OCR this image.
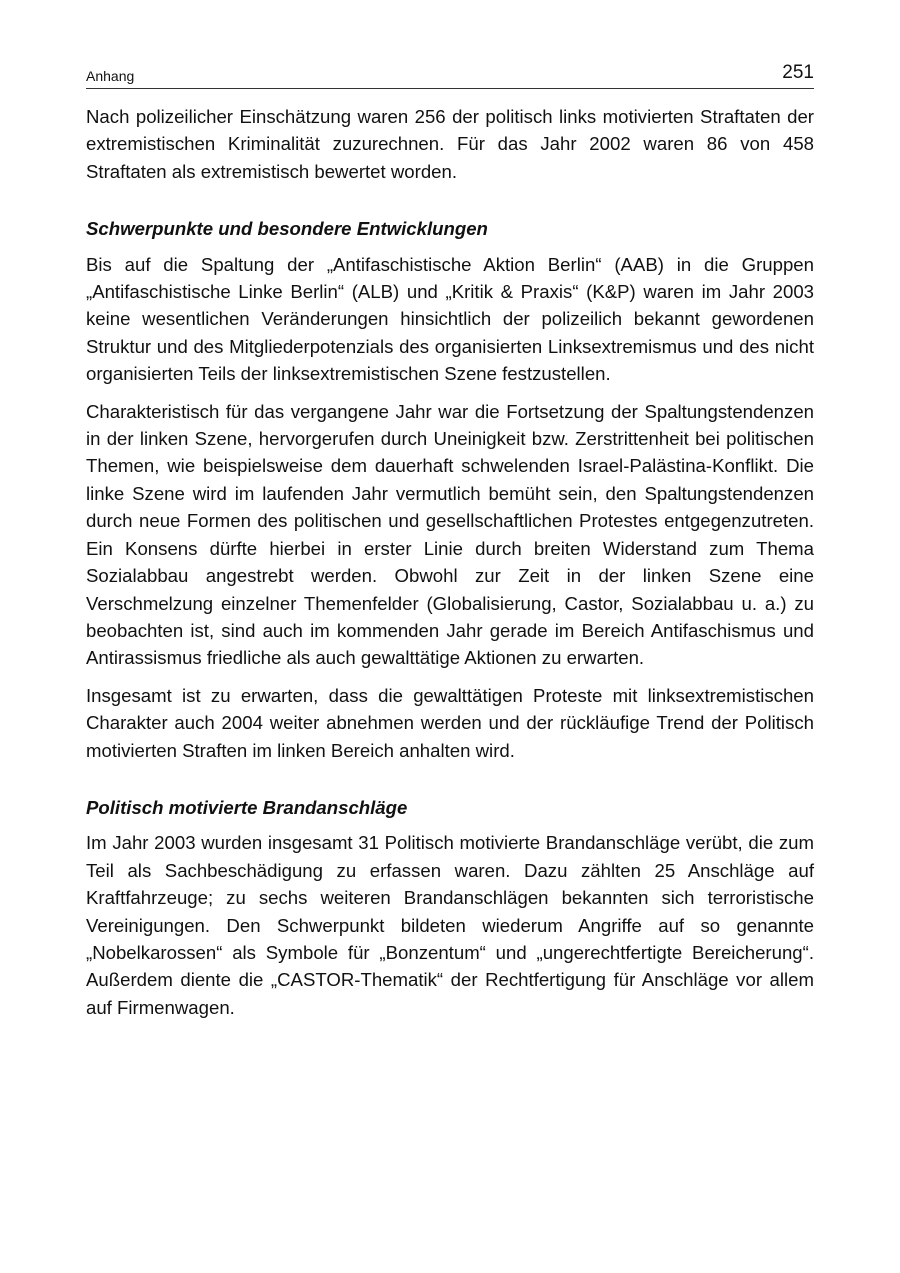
Anhang	251

Nach polizeilicher Einschätzung waren 256 der politisch links motivierten Straftaten der extremistischen Kriminalität zuzurechnen. Für das Jahr 2002 waren 86 von 458 Straftaten als extremistisch bewertet worden.

Schwerpunkte und besondere Entwicklungen

Bis auf die Spaltung der „Antifaschistische Aktion Berlin“ (AAB) in die Gruppen „Antifaschistische Linke Berlin“ (ALB) und „Kritik & Praxis“ (K&P) waren im Jahr 2003 keine wesentlichen Veränderungen hinsichtlich der polizeilich bekannt gewordenen Struktur und des Mitgliederpotenzials des organisierten Linksextremismus und des nicht organisierten Teils der linksextremistischen Szene festzustellen.

Charakteristisch für das vergangene Jahr war die Fortsetzung der Spaltungstendenzen in der linken Szene, hervorgerufen durch Uneinigkeit bzw. Zerstrittenheit bei politischen Themen, wie beispielsweise dem dauerhaft schwelenden Israel-Palästina-Konflikt. Die linke Szene wird im laufenden Jahr vermutlich bemüht sein, den Spaltungstendenzen durch neue Formen des politischen und gesellschaftlichen Protestes entgegenzutreten. Ein Konsens dürfte hierbei in erster Linie durch breiten Widerstand zum Thema Sozialabbau angestrebt werden. Obwohl zur Zeit in der linken Szene eine Verschmelzung einzelner Themenfelder (Globalisierung, Castor, Sozialabbau u. a.) zu beobachten ist, sind auch im kommenden Jahr gerade im Bereich Antifaschismus und Antirassismus friedliche als auch gewalttätige Aktionen zu erwarten.

Insgesamt ist zu erwarten, dass die gewalttätigen Proteste mit linksextremistischen Charakter auch 2004 weiter abnehmen werden und der rückläufige Trend der Politisch motivierten Straften im linken Bereich anhalten wird.

Politisch motivierte Brandanschläge

Im Jahr 2003 wurden insgesamt 31 Politisch motivierte Brandanschläge verübt, die zum Teil als Sachbeschädigung zu erfassen waren. Dazu zählten 25 Anschläge auf Kraftfahrzeuge; zu sechs weiteren Brandanschlägen bekannten sich terroristische Vereinigungen. Den Schwerpunkt bildeten wiederum Angriffe auf so genannte „Nobelkarossen“ als Symbole für „Bonzentum“ und „ungerechtfertigte Bereicherung“. Außerdem diente die „CASTOR-Thematik“ der Rechtfertigung für Anschläge vor allem auf Firmenwagen.
